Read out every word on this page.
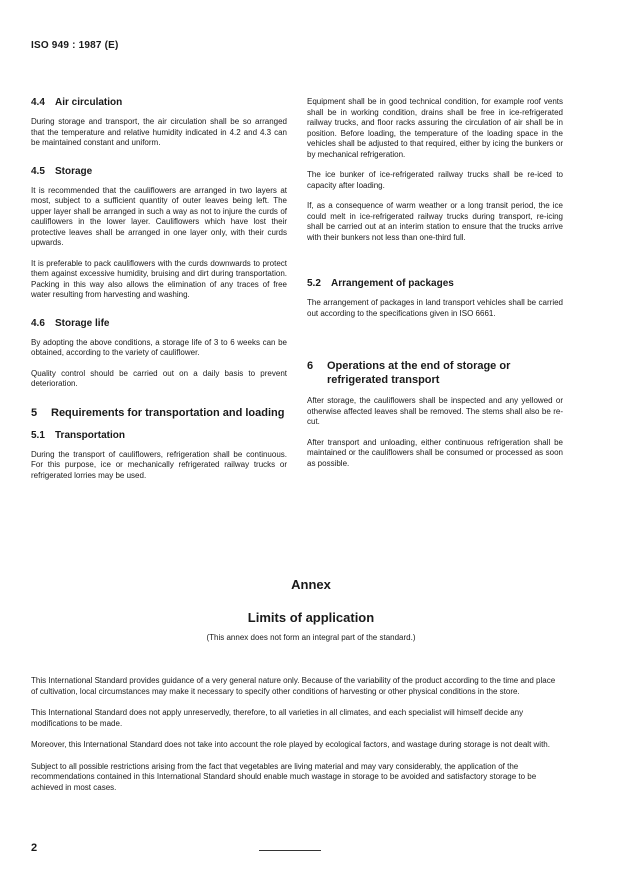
ISO 949 : 1987 (E)
4.4 Air circulation

During storage and transport, the air circulation shall be so arranged that the temperature and relative humidity indicated in 4.2 and 4.3 can be maintained constant and uniform.

4.5 Storage

It is recommended that the cauliflowers are arranged in two layers at most, subject to a sufficient quantity of outer leaves being left. The upper layer shall be arranged in such a way as not to injure the curds of cauliflowers in the lower layer. Cauliflowers which have lost their protective leaves shall be arranged in one layer only, with their curds upwards.

It is preferable to pack cauliflowers with the curds downwards to protect them against excessive humidity, bruising and dirt during transportation. Packing in this way also allows the elimination of any traces of free water resulting from harvesting and washing.

4.6 Storage life

By adopting the above conditions, a storage life of 3 to 6 weeks can be obtained, according to the variety of cauliflower.

Quality control should be carried out on a daily basis to prevent deterioration.

5	Requirements for transportation and loading
5.1 Transportation

During the transport of cauliflowers, refrigeration shall be continuous. For this purpose, ice or mechanically refrigerated railway trucks or refrigerated lorries may be used.

Equipment shall be in good technical condition, for example roof vents shall be in working condition, drains shall be free in ice-refrigerated railway trucks, and floor racks assuring the circulation of air shall be in position. Before loading, the temperature of the loading space in the vehicles shall be adjusted to that required, either by icing the bunkers or by mechanical refrigeration.

The ice bunker of ice-refrigerated railway trucks shall be re-iced to capacity after loading.

If, as a consequence of warm weather or a long transit period, the ice could melt in ice-refrigerated railway trucks during transport, re-icing shall be carried out at an interim station to ensure that the trucks arrive with their bunkers not less than one-third full.

5.2 Arrangement of packages

The arrangement of packages in land transport vehicles shall be carried out according to the specifications given in ISO 6661.

6	Operations at the end of storage or refrigerated transport

After storage, the cauliflowers shall be inspected and any yellowed or otherwise affected leaves shall be removed. The stems shall also be re-cut.

After transport and unloading, either continuous refrigeration shall be maintained or the cauliflowers shall be consumed or processed as soon as possible.

Annex
Limits of application
(This annex does not form an integral part of the standard.)

This International Standard provides guidance of a very general nature only. Because of the variability of the product according to the time and place of cultivation, local circumstances may make it necessary to specify other conditions of harvesting or other physical conditions in the store.

This International Standard does not apply unreservedly, therefore, to all varieties in all climates, and each specialist will himself decide any modifications to be made.

Moreover, this International Standard does not take into account the role played by ecological factors, and wastage during storage is not dealt with.

Subject to all possible restrictions arising from the fact that vegetables are living material and may vary considerably, the application of the recommendations contained in this International Standard should enable much wastage in storage to be avoided and satisfactory storage to be achieved in most cases.

2
